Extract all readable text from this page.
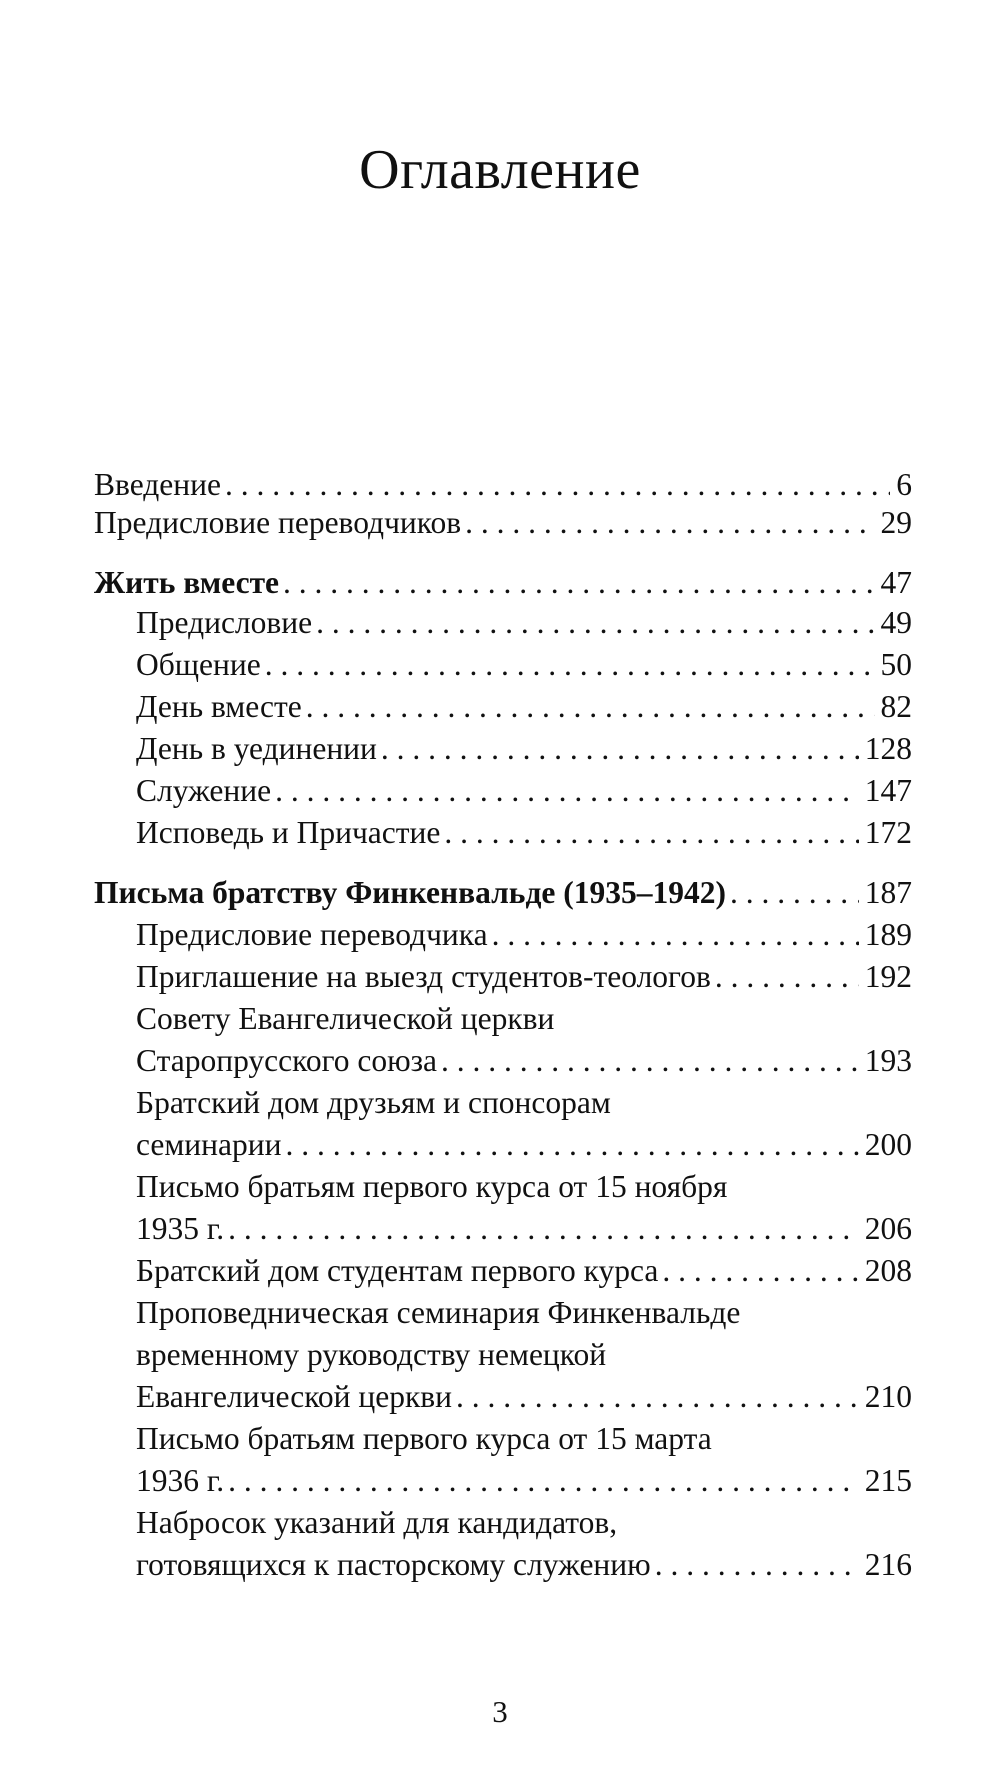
Оглавление
Введение . .	6
Предисловие переводчиков . .	29
Жить вместе . .	47
Предисловие . .	49
Общение . .	50
День вместе . .	82
День в уединении . .	128
Служение . .	147
Исповедь и Причастие . .	172
Письма братству Финкенвальде (1935–1942) . .	187
Предисловие переводчика . .	189
Приглашение на выезд студентов-теологов . .	192
Совету Евангелической церкви
Старопрусского союза . .	193
Братский дом друзьям и спонсорам
семинарии . .	200
Письмо братьям первого курса от 15 ноября
1935 г. . .	206
Братский дом студентам первого курса . .	208
Проповедническая семинария Финкенвальде
временному руководству немецкой
Евангелической церкви . .	210
Письмо братьям первого курса от 15 марта
1936 г. . .	215
Набросок указаний для кандидатов,
готовящихся к пасторскому служению . .	216
3
